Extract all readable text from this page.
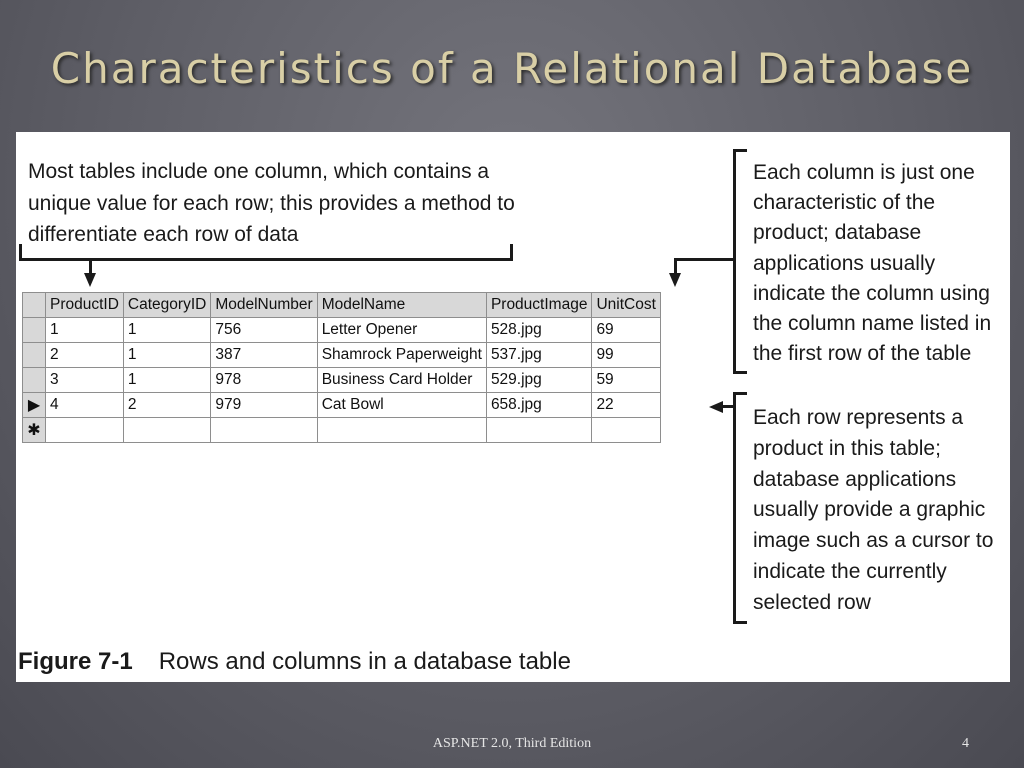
Characteristics of a Relational Database
Most tables include one column, which contains a unique value for each row; this provides a method to differentiate each row of data
Each column is just one characteristic of the product; database applications usually indicate the column using the column name listed in the first row of the table
Each row represents a product in this table; database applications usually provide a graphic image such as a cursor to indicate the currently selected row
	ProductID	CategoryID	ModelNumber	ModelName	ProductImage	UnitCost
	1	1	756	Letter Opener	528.jpg	69
	2	1	387	Shamrock Paperweight	537.jpg	99
	3	1	978	Business Card Holder	529.jpg	59
▶	4	2	979	Cat Bowl	658.jpg	22
✱						
Figure 7-1 Rows and columns in a database table
ASP.NET 2.0, Third Edition	4
